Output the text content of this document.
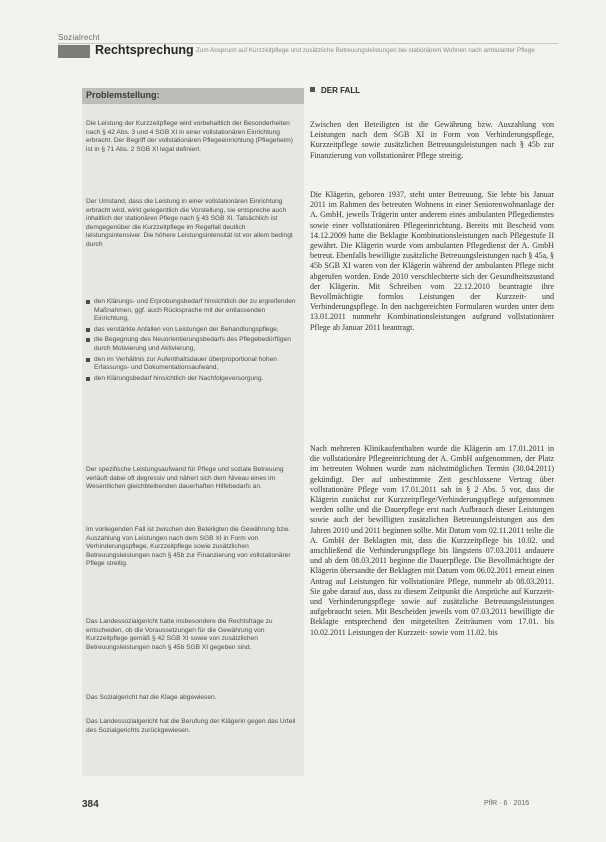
Sozialrecht
Rechtsprechung Zum Anspruch auf Kurzzeitpflege und zusätzliche Betreuungsleistungen bei stationärem Wohnen nach ambulanter Pflege
Problemstellung:
Die Leistung der Kurzzeitpflege wird vorbehaltlich der Besonderheiten nach § 42 Abs. 3 und 4 SGB XI in einer vollstationären Einrichtung erbracht. Der Begriff der vollstationären Pflegeeinrichtung (Pflegeheim) ist in § 71 Abs. 2 SGB XI legal definiert.
Der Umstand, dass die Leistung in einer vollstationären Einrichtung erbracht wird, wirkt gelegentlich die Vorstellung, sie entspreche auch inhaltlich der stationären Pflege nach § 43 SGB XI. Tatsächlich ist demgegenüber die Kurzzeitpflege im Regelfall deutlich leistungsintensiver. Die höhere Leistungsintensität ist vor allem bedingt durch
den Klärungs- und Erprobungsbedarf hinsichtlich der zu ergreifenden Maßnahmen, ggf. auch Rücksprache mit der entlassenden Einrichtung,
das verstärkte Anfallen von Leistungen der Behandlungspflege,
die Begegnung des Neuorientierungsbedarfs des Pflegebedürftigen durch Motivierung und Aktivierung,
den im Verhältnis zur Aufenthaltsdauer überproportional hohen Erfassungs- und Dokumentationsaufwand,
den Klärungsbedarf hinsichtlich der Nachfolgeversorgung.
Der spezifische Leistungsaufwand für Pflege und soziale Betreuung verläuft dabei oft degressiv und nähert sich dem Niveau eines im Wesentlichen gleichbleibenden dauerhaften Hilfebedarfs an.
Im vorliegenden Fall ist zwischen den Beteiligten die Gewährung bzw. Auszahlung von Leistungen nach dem SGB XI in Form von Verhinderungspflege, Kurzzeitpflege sowie zusätzlichen Betreuungsleistungen nach § 45b zur Finanzierung von vollstationärer Pflege streitig.
Das Landessozialgericht hatte insbesondere die Rechtsfrage zu entscheiden, ob die Voraussetzungen für die Gewährung von Kurzzeitpflege gemäß § 42 SGB XI sowie von zusätzlichen Betreuungsleistungen nach § 45b SGB XI gegeben sind.
Das Sozialgericht hat die Klage abgewiesen.
Das Landessozialgericht hat die Berufung der Klägerin gegen das Urteil des Sozialgerichts zurückgewiesen.
DER FALL
Zwischen den Beteiligten ist die Gewährung bzw. Auszahlung von Leistungen nach dem SGB XI in Form von Verhinderungspflege, Kurzzeitpflege sowie zusätzlichen Betreuungsleistungen nach § 45b zur Finanzierung von vollstationärer Pflege streitig.
Die Klägerin, geboren 1937, steht unter Betreuung. Sie lebte bis Januar 2011 im Rahmen des betreuten Wohnens in einer Seniorenwohnanlage der A. GmbH, jeweils Trägerin unter anderem eines ambulanten Pflegedienstes sowie einer vollstationären Pflegeeinrichtung. Bereits mit Bescheid vom 14.12.2009 hatte die Beklagte Kombinationsleistungen nach Pflegestufe II gewährt. Die Klägerin wurde vom ambulanten Pflegedienst der A. GmbH betreut. Ebenfalls bewilligte zusätzliche Betreuungsleistungen nach § 45a, § 45b SGB XI waren von der Klägerin während der ambulanten Pflege nicht abgerufen worden. Ende 2010 verschlechterte sich der Gesundheitszustand der Klägerin. Mit Schreiben vom 22.12.2010 beantragte ihre Bevollmächtigte formlos Leistungen der Kurzzeit- und Verhinderungspflege. In den nachgereichten Formularen wurden unter dem 13.01.2011 nunmehr Kombinationsleistungen aufgrund vollstationärer Pflege ab Januar 2011 beantragt.
Nach mehreren Klinikaufenthalten wurde die Klägerin am 17.01.2011 in die vollstationäre Pflegeeinrichtung der A. GmbH aufgenommen, der Platz im betreuten Wohnen wurde zum nächstmöglichen Termin (30.04.2011) gekündigt. Der auf unbestimmte Zeit geschlossene Vertrag über vollstationäre Pflege vom 17.01.2011 sah in § 2 Abs. 5 vor, dass die Klägerin zunächst zur Kurzzeitpflege/Verhinderungspflege aufgenommen werden sollte und die Dauerpflege erst nach Aufbrauch dieser Leistungen sowie auch der bewilligten zusätzlichen Betreuungsleistungen aus den Jahren 2010 und 2011 beginnen sollte. Mit Datum vom 02.11.2011 teilte die A. GmbH der Beklagten mit, dass die Kurzzeitpflege bis 10.02. und anschließend die Verhinderungspflege bis längstens 07.03.2011 andauere und ab dem 08.03.2011 beginne die Dauerpflege. Die Bevollmächtigte der Klägerin übersandte der Beklagten mit Datum vom 06.02.2011 erneut einen Antrag auf Leistungen für vollstationäre Pflege, nunmehr ab 08.03.2011. Sie gabe darauf aus, dass zu diesem Zeitpunkt die Ansprüche auf Kurzzeit- und Verhinderungspflege sowie auf zusätzliche Betreuungsleistungen aufgebraucht seien. Mit Bescheiden jeweils vom 07.03.2011 bewilligte die Beklagte entsprechend den mitgeteilten Zeiträumen vom 17.01. bis 10.02.2011 Leistungen der Kurzzeit- sowie vom 11.02. bis
384	PflR · 6 · 2016
